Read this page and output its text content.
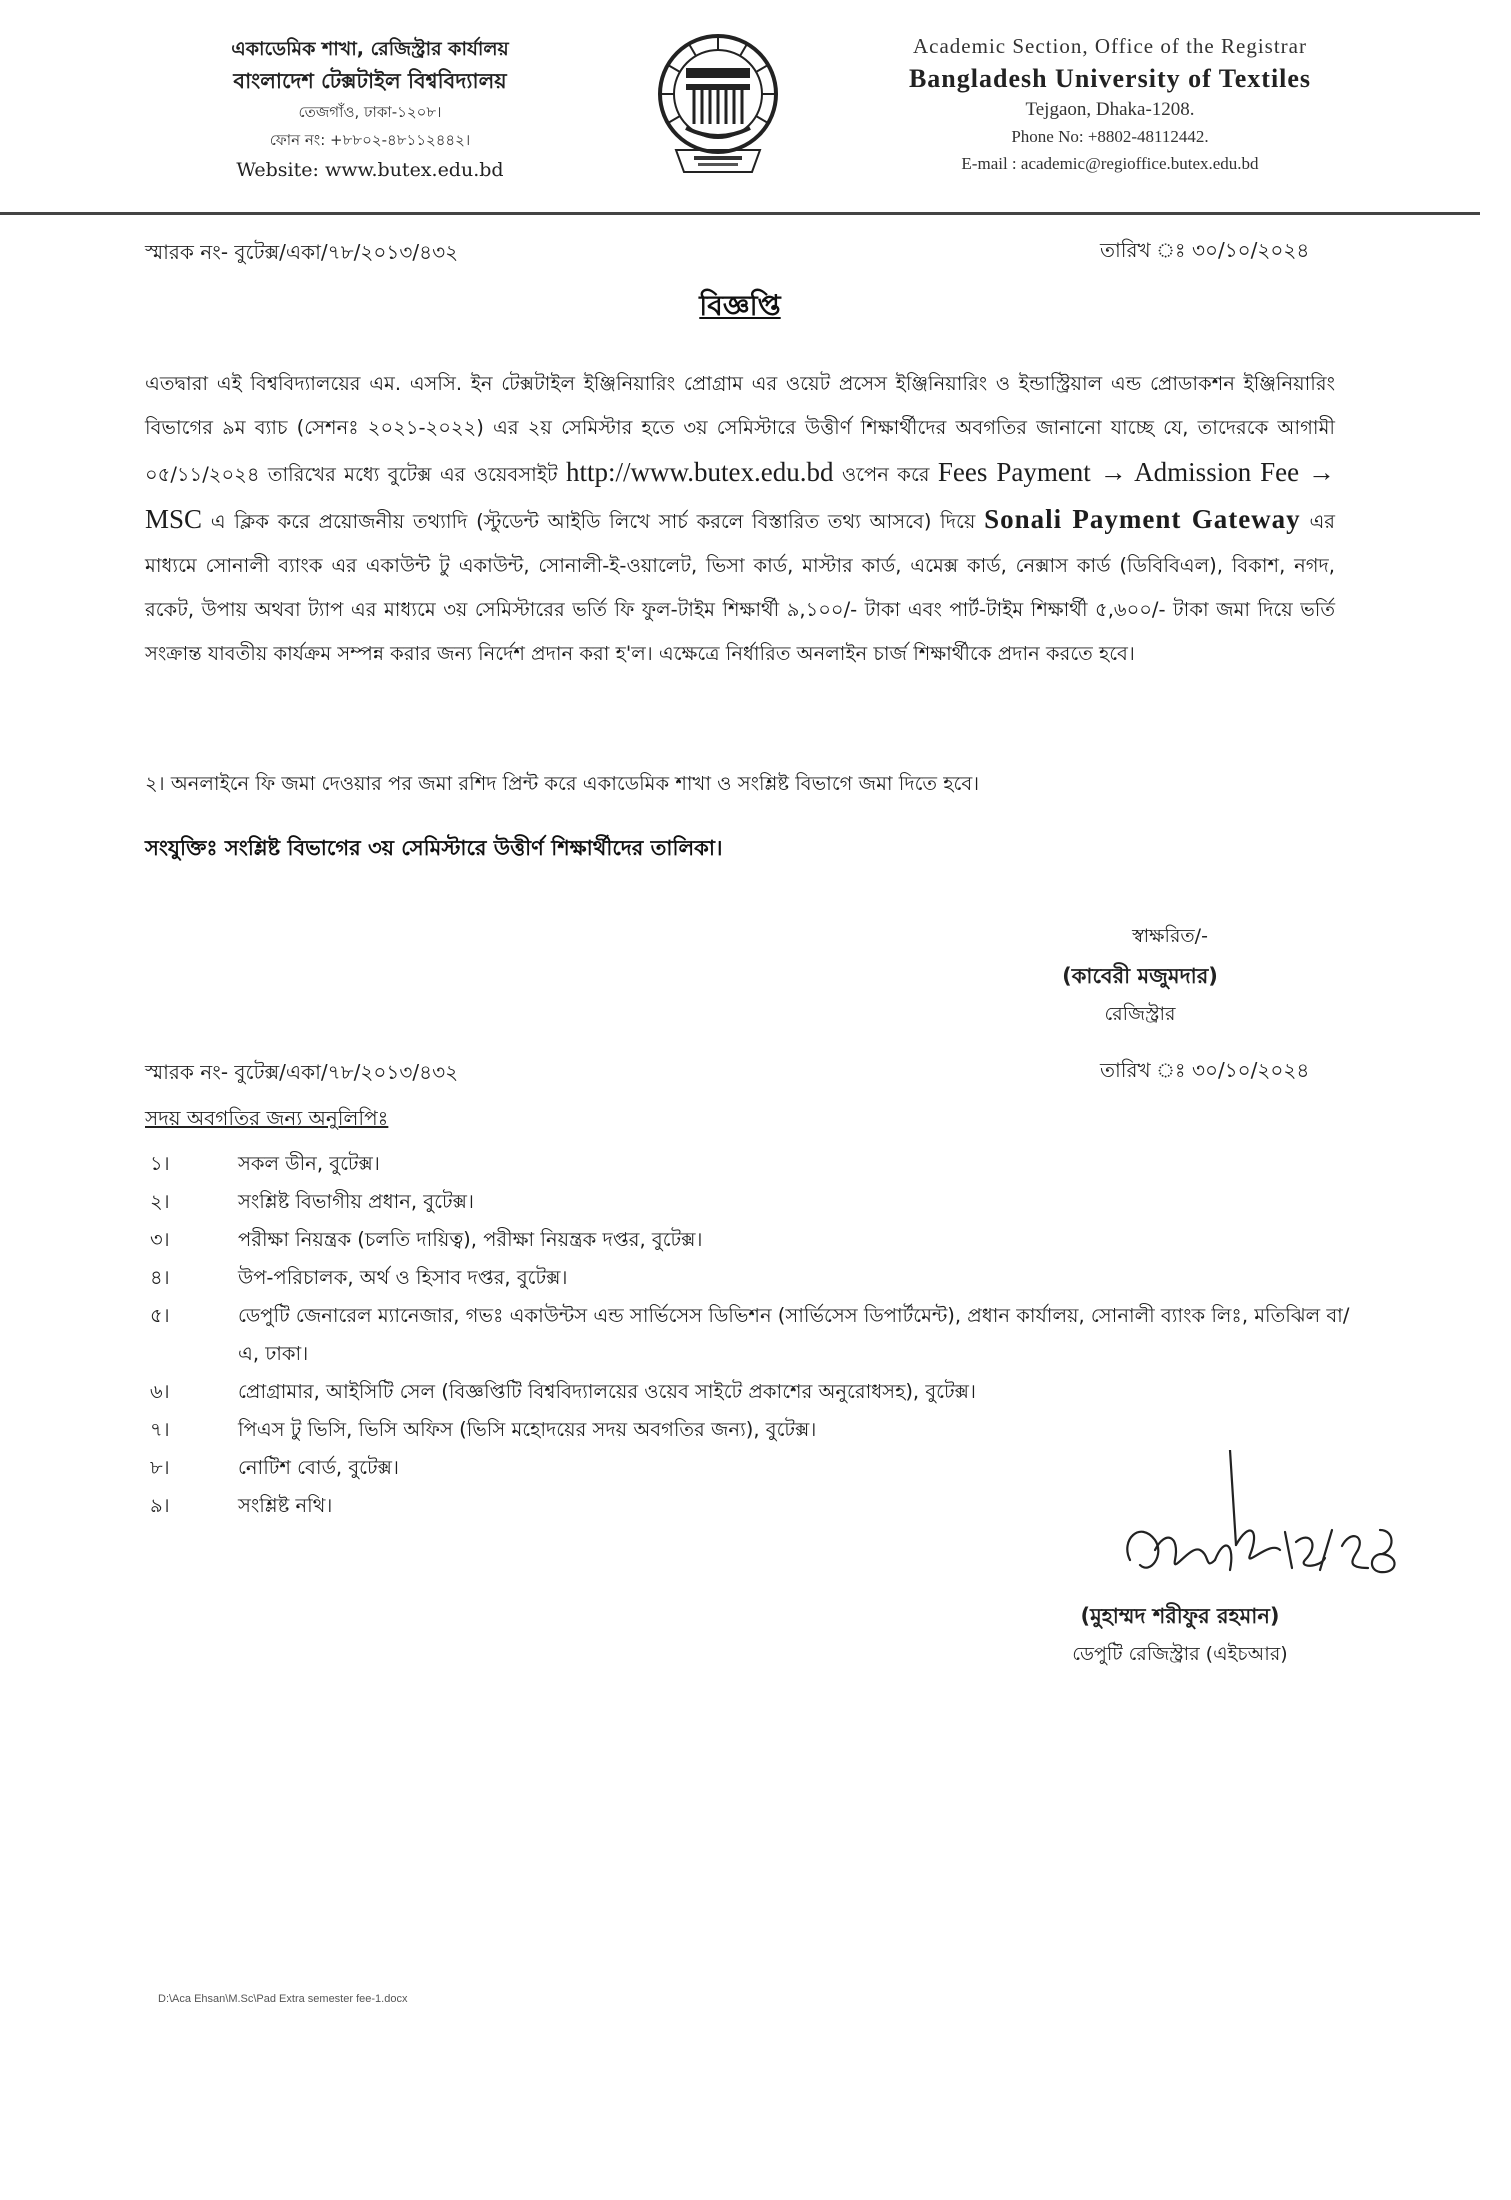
একাডেমিক শাখা, রেজিস্ট্রার কার্যালয়
বাংলাদেশ টেক্সটাইল বিশ্ববিদ্যালয়
তেজগাঁও, ঢাকা-১২০৮।
ফোন নং: +৮৮০২-৪৮১১২৪৪২।
Website: www.butex.edu.bd
Academic Section, Office of the Registrar
Bangladesh University of Textiles
Tejgaon, Dhaka-1208.
Phone No: +8802-48112442.
E-mail : academic@regioffice.butex.edu.bd
স্মারক নং- বুটেক্স/একা/৭৮/২০১৩/৪৩২	তারিখ ঃ ৩০/১০/২০২৪
বিজ্ঞপ্তি
এতদ্বারা এই বিশ্ববিদ্যালয়ের এম. এসসি. ইন টেক্সটাইল ইঞ্জিনিয়ারিং প্রোগ্রাম এর ওয়েট প্রসেস ইঞ্জিনিয়ারিং ও ইন্ডাস্ট্রিয়াল এন্ড প্রোডাকশন ইঞ্জিনিয়ারিং বিভাগের ৯ম ব্যাচ (সেশনঃ ২০২১-২০২২) এর ২য় সেমিস্টার হতে ৩য় সেমিস্টারে উত্তীর্ণ শিক্ষার্থীদের অবগতির জানানো যাচ্ছে যে, তাদেরকে আগামী ০৫/১১/২০২৪ তারিখের মধ্যে বুটেক্স এর ওয়েবসাইট http://www.butex.edu.bd ওপেন করে Fees Payment → Admission Fee → MSC এ ক্লিক করে প্রয়োজনীয় তথ্যাদি (স্টুডেন্ট আইডি লিখে সার্চ করলে বিস্তারিত তথ্য আসবে) দিয়ে Sonali Payment Gateway এর মাধ্যমে সোনালী ব্যাংক এর একাউন্ট টু একাউন্ট, সোনালী-ই-ওয়ালেট, ভিসা কার্ড, মাস্টার কার্ড, এমেক্স কার্ড, নেক্সাস কার্ড (ডিবিবিএল), বিকাশ, নগদ, রকেট, উপায় অথবা ট্যাপ এর মাধ্যমে ৩য় সেমিস্টারের ভর্তি ফি ফুল-টাইম শিক্ষার্থী ৯,১০০/- টাকা এবং পার্ট-টাইম শিক্ষার্থী ৫,৬০০/- টাকা জমা দিয়ে ভর্তি সংক্রান্ত যাবতীয় কার্যক্রম সম্পন্ন করার জন্য নির্দেশ প্রদান করা হ'ল। এক্ষেত্রে নির্ধারিত অনলাইন চার্জ শিক্ষার্থীকে প্রদান করতে হবে।
২। অনলাইনে ফি জমা দেওয়ার পর জমা রশিদ প্রিন্ট করে একাডেমিক শাখা ও সংশ্লিষ্ট বিভাগে জমা দিতে হবে।
সংযুক্তিঃ সংশ্লিষ্ট বিভাগের ৩য় সেমিস্টারে উত্তীর্ণ শিক্ষার্থীদের তালিকা।
স্বাক্ষরিত/-
(কাবেরী মজুমদার)
রেজিস্ট্রার
স্মারক নং- বুটেক্স/একা/৭৮/২০১৩/৪৩২	তারিখ ঃ ৩০/১০/২০২৪
সদয় অবগতির জন্য অনুলিপিঃ
১।	সকল ডীন, বুটেক্স।
২।	সংশ্লিষ্ট বিভাগীয় প্রধান, বুটেক্স।
৩।	পরীক্ষা নিয়ন্ত্রক (চলতি দায়িত্ব), পরীক্ষা নিয়ন্ত্রক দপ্তর, বুটেক্স।
৪।	উপ-পরিচালক, অর্থ ও হিসাব দপ্তর, বুটেক্স।
৫।	ডেপুটি জেনারেল ম্যানেজার, গভঃ একাউন্টস এন্ড সার্ভিসেস ডিভিশন (সার্ভিসেস ডিপার্টমেন্ট), প্রধান কার্যালয়, সোনালী ব্যাংক লিঃ, মতিঝিল বা/এ, ঢাকা।
৬।	প্রোগ্রামার, আইসিটি সেল (বিজ্ঞপ্তিটি বিশ্ববিদ্যালয়ের ওয়েব সাইটে প্রকাশের অনুরোধসহ), বুটেক্স।
৭।	পিএস টু ভিসি, ভিসি অফিস (ভিসি মহোদয়ের সদয় অবগতির জন্য), বুটেক্স।
৮।	নোটিশ বোর্ড, বুটেক্স।
৯।	সংশ্লিষ্ট নথি।
(মুহাম্মদ শরীফুর রহমান)
ডেপুটি রেজিস্ট্রার (এইচআর)
D:\Aca Ehsan\M.Sc\Pad Extra semester fee-1.docx
